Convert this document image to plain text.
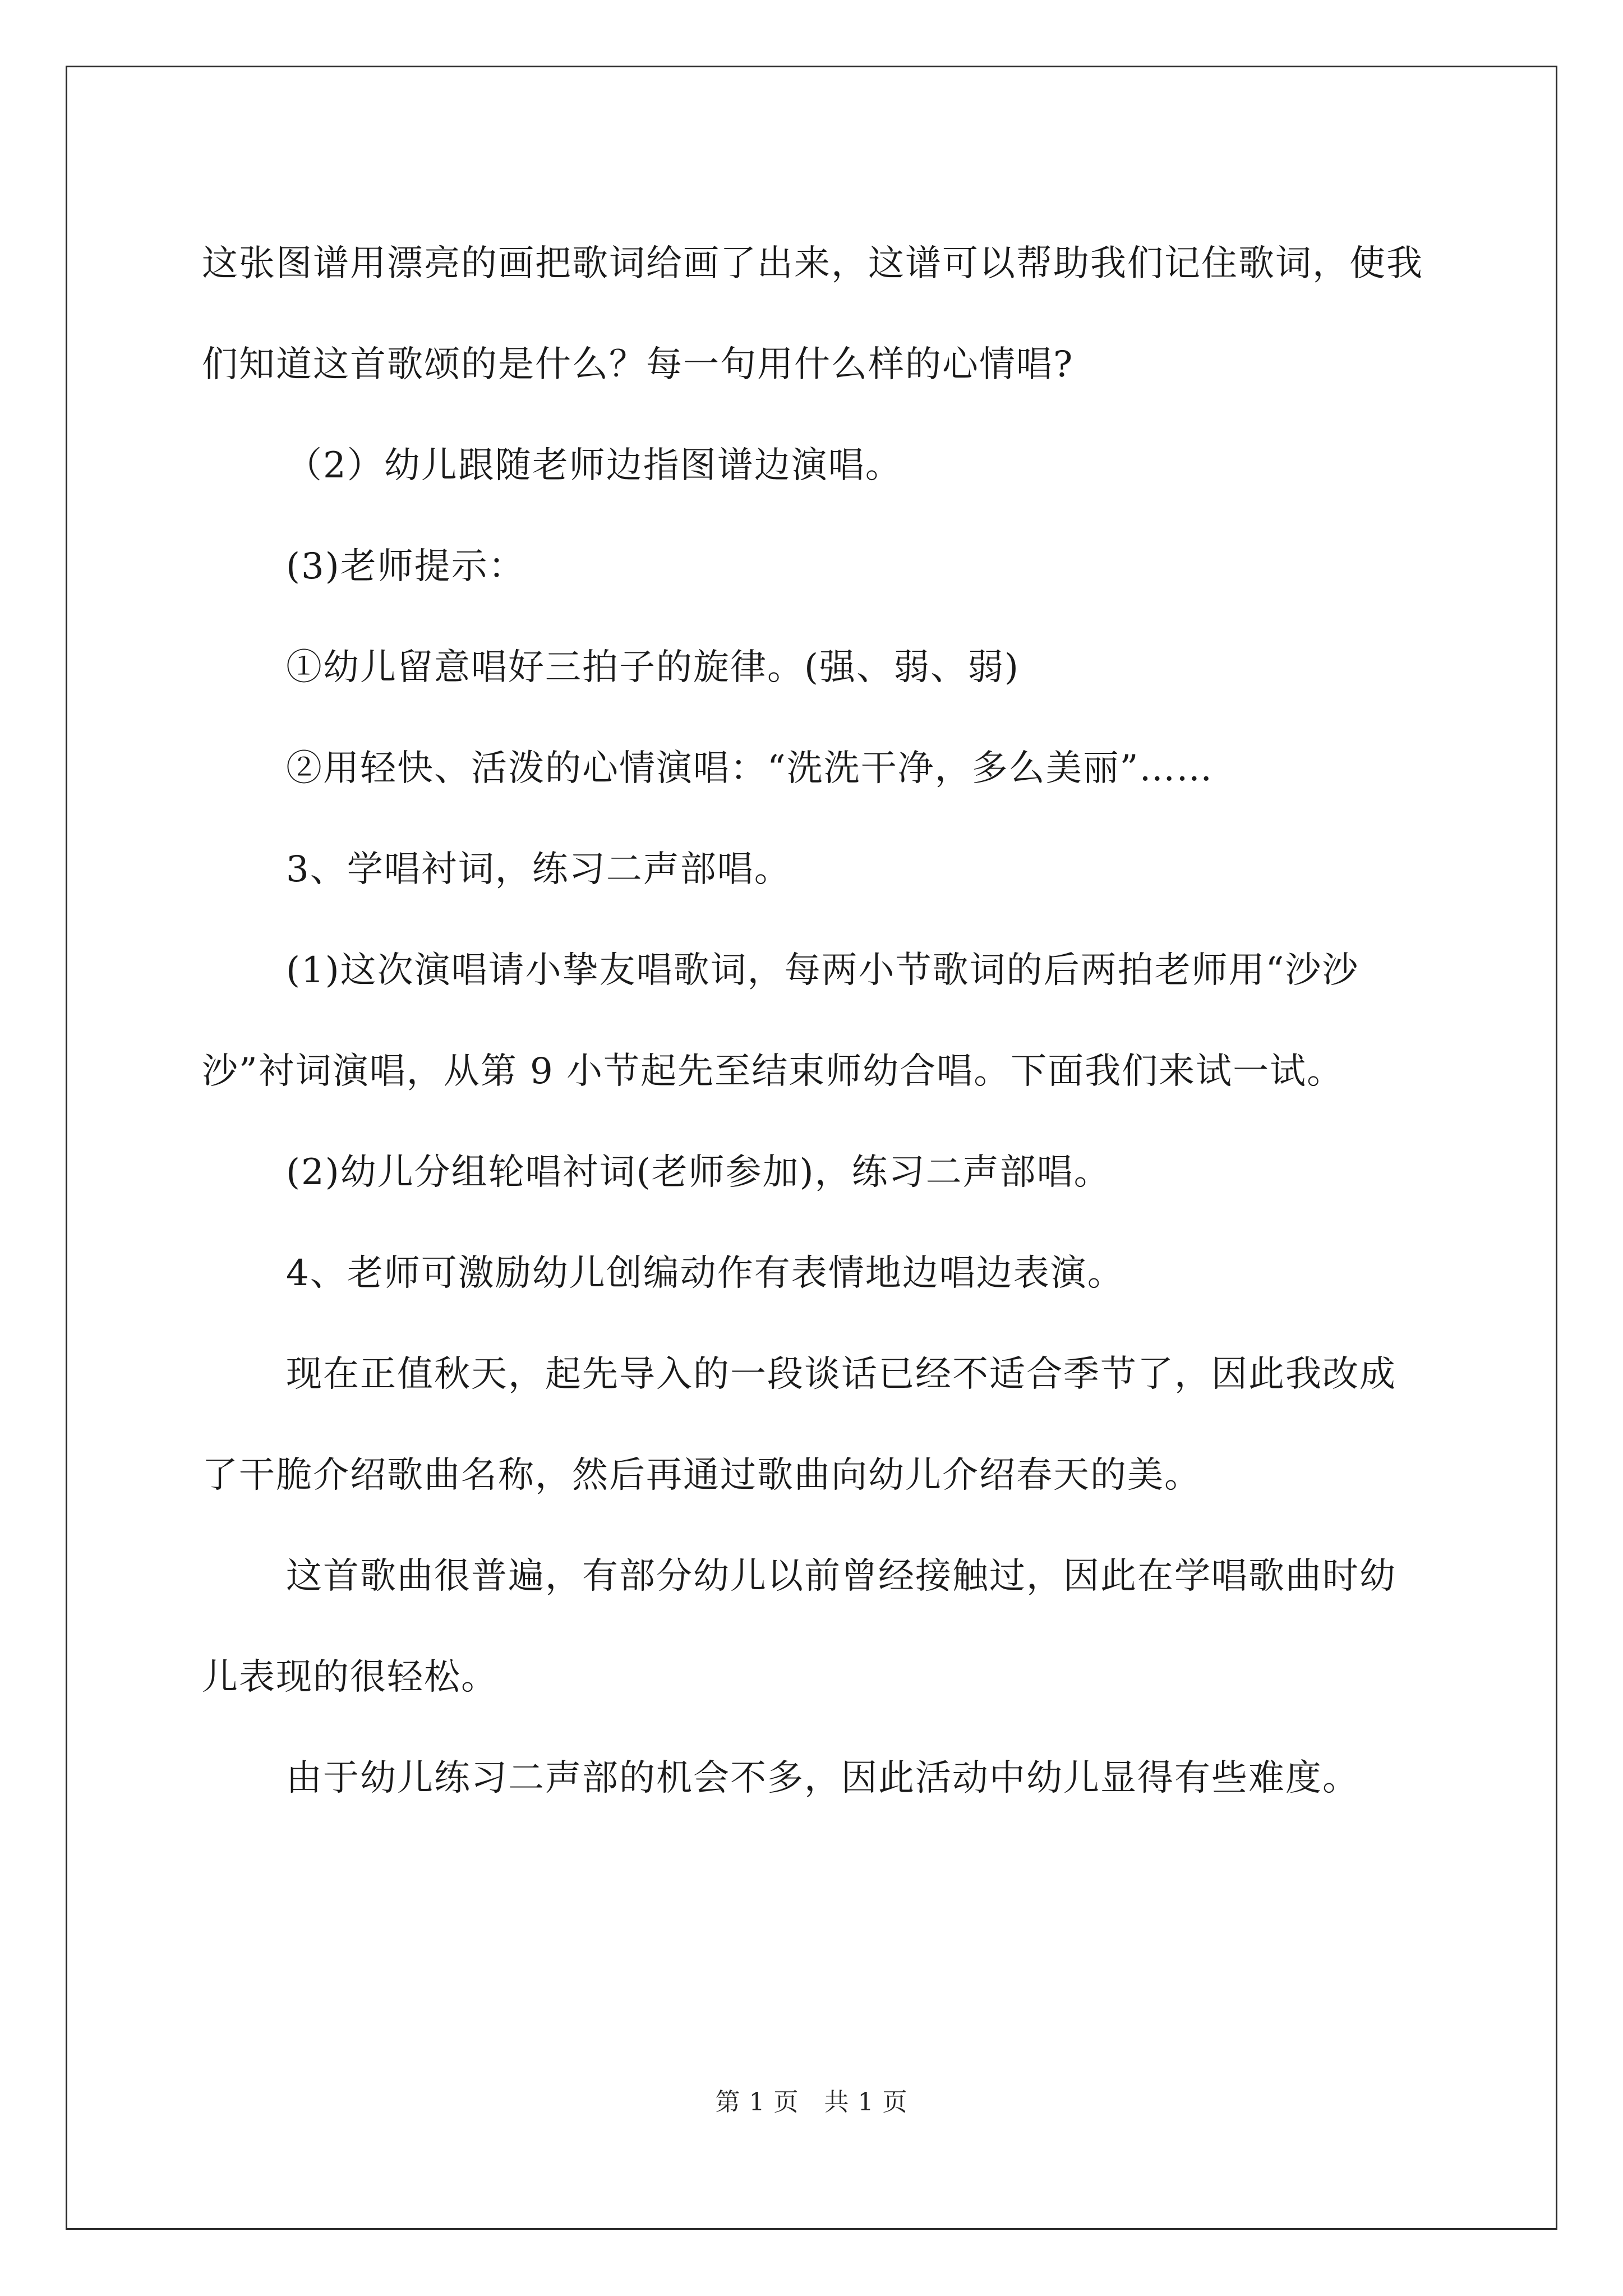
这张图谱用漂亮的画把歌词给画了出来，这谱可以帮助我们记住歌词，使我们知道这首歌颂的是什么？每一句用什么样的心情唱?

（2）幼儿跟随老师边指图谱边演唱。

(3)老师提示：

①幼儿留意唱好三拍子的旋律。(强、弱、弱)

②用轻快、活泼的心情演唱：“洗洗干净，多么美丽”……

3、学唱衬词，练习二声部唱。

(1)这次演唱请小挚友唱歌词，每两小节歌词的后两拍老师用“沙沙沙”衬词演唱，从第 9 小节起先至结束师幼合唱。下面我们来试一试。

(2)幼儿分组轮唱衬词(老师参加)，练习二声部唱。

4、老师可激励幼儿创编动作有表情地边唱边表演。

现在正值秋天，起先导入的一段谈话已经不适合季节了，因此我改成了干脆介绍歌曲名称，然后再通过歌曲向幼儿介绍春天的美。

这首歌曲很普遍，有部分幼儿以前曾经接触过，因此在学唱歌曲时幼儿表现的很轻松。

由于幼儿练习二声部的机会不多，因此活动中幼儿显得有些难度。

第 1 页　共 1 页
